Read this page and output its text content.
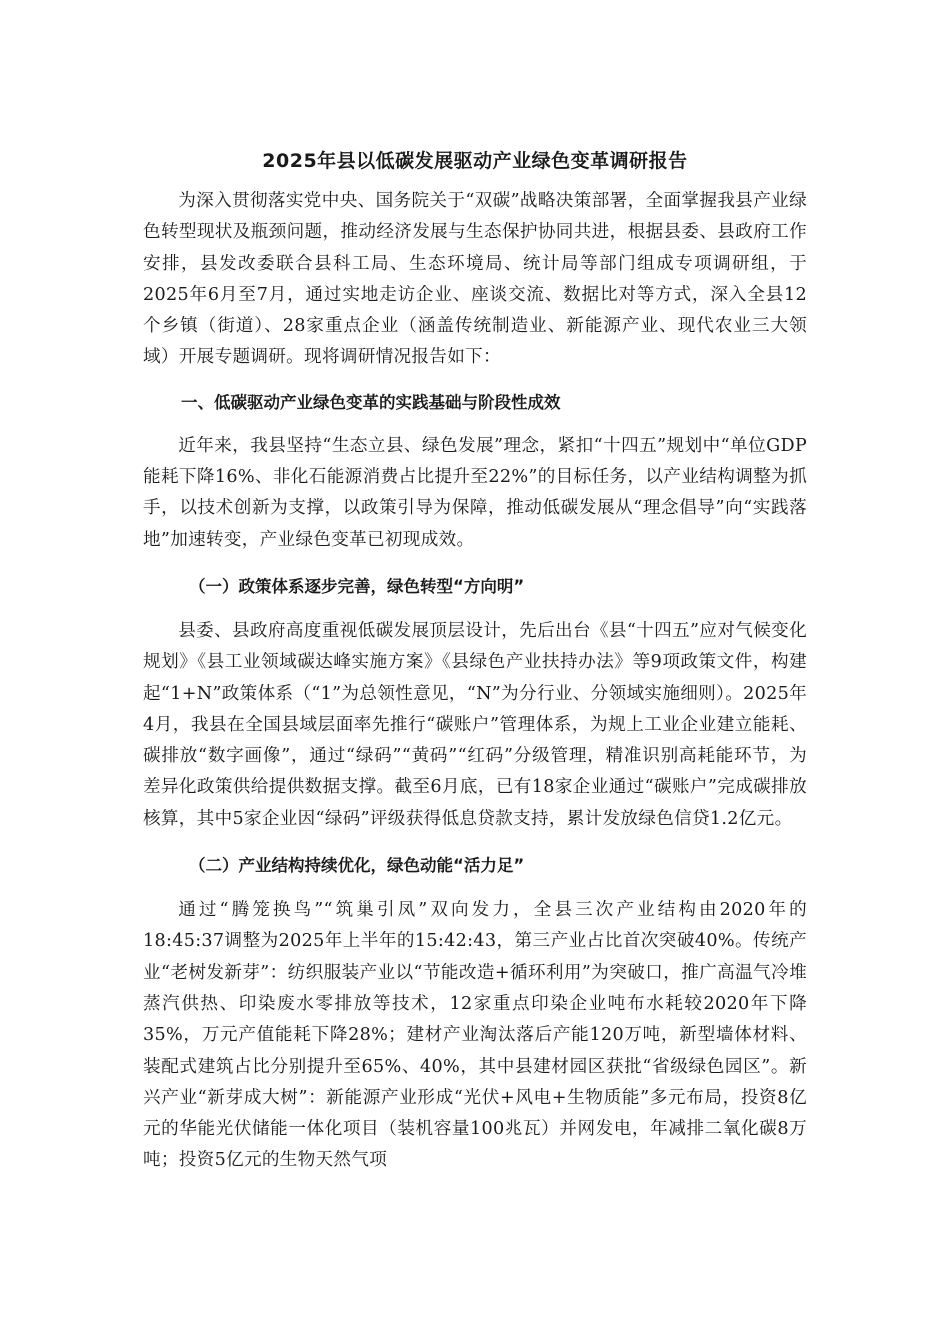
2025年县以低碳发展驱动产业绿色变革调研报告

为深入贯彻落实党中央、国务院关于“双碳”战略决策部署，全面掌握我县产业绿色转型现状及瓶颈问题，推动经济发展与生态保护协同共进，根据县委、县政府工作安排，县发改委联合县科工局、生态环境局、统计局等部门组成专项调研组，于2025年6月至7月，通过实地走访企业、座谈交流、数据比对等方式，深入全县12个乡镇（街道）、28家重点企业（涵盖传统制造业、新能源产业、现代农业三大领域）开展专题调研。现将调研情况报告如下：

一、低碳驱动产业绿色变革的实践基础与阶段性成效

近年来，我县坚持“生态立县、绿色发展”理念，紧扣“十四五”规划中“单位GDP能耗下降16%、非化石能源消费占比提升至22%”的目标任务，以产业结构调整为抓手，以技术创新为支撑，以政策引导为保障，推动低碳发展从“理念倡导”向“实践落地”加速转变，产业绿色变革已初现成效。

（一）政策体系逐步完善，绿色转型“方向明”

县委、县政府高度重视低碳发展顶层设计，先后出台《县“十四五”应对气候变化规划》《县工业领域碳达峰实施方案》《县绿色产业扶持办法》等9项政策文件，构建起“1+N”政策体系（“1”为总领性意见，“N”为分行业、分领域实施细则）。2025年4月，我县在全国县域层面率先推行“碳账户”管理体系，为规上工业企业建立能耗、碳排放“数字画像”，通过“绿码”“黄码”“红码”分级管理，精准识别高耗能环节，为差异化政策供给提供数据支撑。截至6月底，已有18家企业通过“碳账户”完成碳排放核算，其中5家企业因“绿码”评级获得低息贷款支持，累计发放绿色信贷1.2亿元。

（二）产业结构持续优化，绿色动能“活力足”

通过“腾笼换鸟”“筑巢引凤”双向发力，全县三次产业结构由2020年的18:45:37调整为2025年上半年的15:42:43，第三产业占比首次突破40%。传统产业“老树发新芽”：纺织服装产业以“节能改造+循环利用”为突破口，推广高温气冷堆蒸汽供热、印染废水零排放等技术，12家重点印染企业吨布水耗较2020年下降35%，万元产值能耗下降28%；建材产业淘汰落后产能120万吨，新型墙体材料、装配式建筑占比分别提升至65%、40%，其中县建材园区获批“省级绿色园区”。新兴产业“新芽成大树”：新能源产业形成“光伏+风电+生物质能”多元布局，投资8亿元的华能光伏储能一体化项目（装机容量100兆瓦）并网发电，年减排二氧化碳8万吨；投资5亿元的生物天然气项
